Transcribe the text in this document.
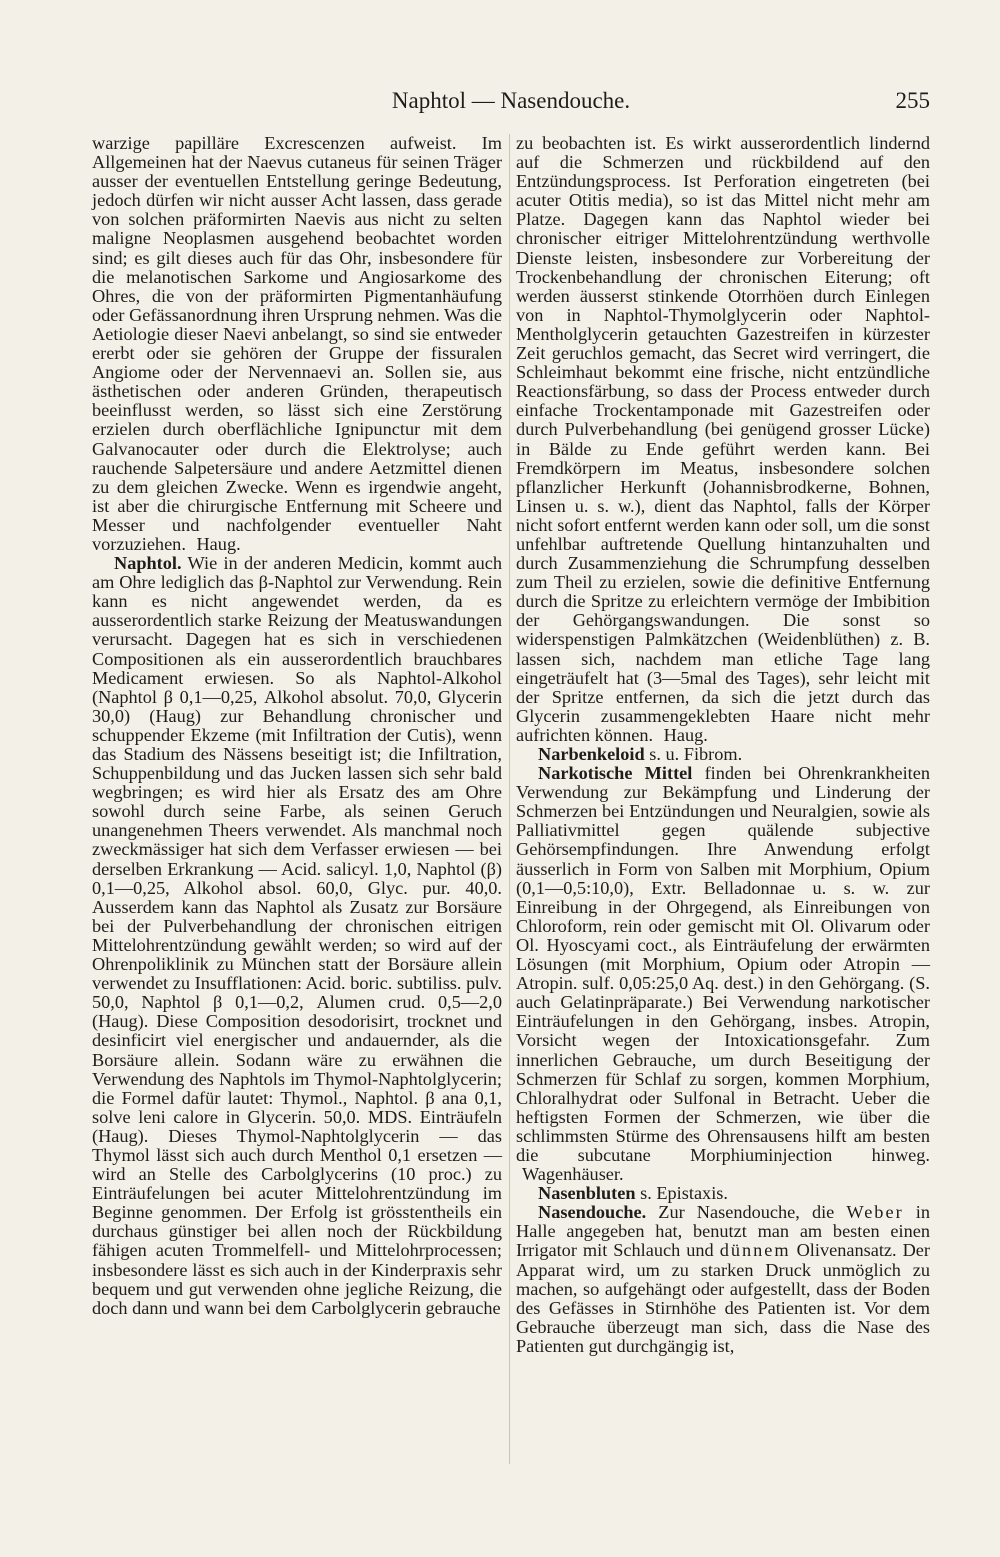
Naphtol — Nasendouche.	255

warzige papilläre Excrescenzen aufweist. Im Allgemeinen hat der Naevus cutaneus für seinen Träger ausser der eventuellen Entstellung geringe Bedeutung, jedoch dürfen wir nicht ausser Acht lassen, dass gerade von solchen präformirten Naevis aus nicht zu selten maligne Neoplasmen ausgehend beobachtet worden sind; es gilt dieses auch für das Ohr, insbesondere für die melanotischen Sarkome und Angiosarkome des Ohres, die von der präformirten Pigmentanhäufung oder Gefässanordnung ihren Ursprung nehmen. Was die Aetiologie dieser Naevi anbelangt, so sind sie entweder ererbt oder sie gehören der Gruppe der fissuralen Angiome oder der Nervennaevi an. Sollen sie, aus ästhetischen oder anderen Gründen, therapeutisch beeinflusst werden, so lässt sich eine Zerstörung erzielen durch oberflächliche Ignipunctur mit dem Galvanocauter oder durch die Elektrolyse; auch rauchende Salpetersäure und andere Aetzmittel dienen zu dem gleichen Zwecke. Wenn es irgendwie angeht, ist aber die chirurgische Entfernung mit Scheere und Messer und nachfolgender eventueller Naht vorzuziehen. Haug.

Naphtol. Wie in der anderen Medicin, kommt auch am Ohre lediglich das β-Naphtol zur Verwendung. Rein kann es nicht angewendet werden, da es ausserordentlich starke Reizung der Meatuswandungen verursacht. Dagegen hat es sich in verschiedenen Compositionen als ein ausserordentlich brauchbares Medicament erwiesen. So als Naphtol-Alkohol (Naphtol β 0,1—0,25, Alkohol absolut. 70,0, Glycerin 30,0) (Haug) zur Behandlung chronischer und schuppender Ekzeme (mit Infiltration der Cutis), wenn das Stadium des Nässens beseitigt ist; die Infiltration, Schuppenbildung und das Jucken lassen sich sehr bald wegbringen; es wird hier als Ersatz des am Ohre sowohl durch seine Farbe, als seinen Geruch unangenehmen Theers verwendet. Als manchmal noch zweckmässiger hat sich dem Verfasser erwiesen — bei derselben Erkrankung — Acid. salicyl. 1,0, Naphtol (β) 0,1—0,25, Alkohol absol. 60,0, Glyc. pur. 40,0. Ausserdem kann das Naphtol als Zusatz zur Borsäure bei der Pulverbehandlung der chronischen eitrigen Mittelohrentzündung gewählt werden; so wird auf der Ohrenpoliklinik zu München statt der Borsäure allein verwendet zu Insufflationen: Acid. boric. subtiliss. pulv. 50,0, Naphtol β 0,1—0,2, Alumen crud. 0,5—2,0 (Haug). Diese Composition desodorisirt, trocknet und desinficirt viel energischer und andauernder, als die Borsäure allein. Sodann wäre zu erwähnen die Verwendung des Naphtols im Thymol-Naphtolglycerin; die Formel dafür lautet: Thymol., Naphtol. β ana 0,1, solve leni calore in Glycerin. 50,0. MDS. Einträufeln (Haug). Dieses Thymol-Naphtolglycerin — das Thymol lässt sich auch durch Menthol 0,1 ersetzen — wird an Stelle des Carbolglycerins (10 proc.) zu Einträufelungen bei acuter Mittelohrentzündung im Beginne genommen. Der Erfolg ist grösstentheils ein durchaus günstiger bei allen noch der Rückbildung fähigen acuten Trommelfell- und Mittelohrprocessen; insbesondere lässt es sich auch in der Kinderpraxis sehr bequem und gut verwenden ohne jegliche Reizung, die doch dann und wann bei dem Carbolglycerin gebrauche

zu beobachten ist. Es wirkt ausserordentlich lindernd auf die Schmerzen und rückbildend auf den Entzündungsprocess. Ist Perforation eingetreten (bei acuter Otitis media), so ist das Mittel nicht mehr am Platze. Dagegen kann das Naphtol wieder bei chronischer eitriger Mittelohrentzündung werthvolle Dienste leisten, insbesondere zur Vorbereitung der Trockenbehandlung der chronischen Eiterung; oft werden äusserst stinkende Otorrhöen durch Einlegen von in Naphtol-Thymolglycerin oder Naphtol-Mentholglycerin getauchten Gazestreifen in kürzester Zeit geruchlos gemacht, das Secret wird verringert, die Schleimhaut bekommt eine frische, nicht entzündliche Reactionsfärbung, so dass der Process entweder durch einfache Trockentamponade mit Gazestreifen oder durch Pulverbehandlung (bei genügend grosser Lücke) in Bälde zu Ende geführt werden kann. Bei Fremdkörpern im Meatus, insbesondere solchen pflanzlicher Herkunft (Johannisbrodkerne, Bohnen, Linsen u. s. w.), dient das Naphtol, falls der Körper nicht sofort entfernt werden kann oder soll, um die sonst unfehlbar auftretende Quellung hintanzuhalten und durch Zusammenziehung die Schrumpfung desselben zum Theil zu erzielen, sowie die definitive Entfernung durch die Spritze zu erleichtern vermöge der Imbibition der Gehörgangswandungen. Die sonst so widerspenstigen Palmkätzchen (Weidenblüthen) z. B. lassen sich, nachdem man etliche Tage lang eingeträufelt hat (3—5mal des Tages), sehr leicht mit der Spritze entfernen, da sich die jetzt durch das Glycerin zusammengeklebten Haare nicht mehr aufrichten können. Haug.

Narbenkeloid s. u. Fibrom.

Narkotische Mittel finden bei Ohrenkrankheiten Verwendung zur Bekämpfung und Linderung der Schmerzen bei Entzündungen und Neuralgien, sowie als Palliativmittel gegen quälende subjective Gehörsempfindungen. Ihre Anwendung erfolgt äusserlich in Form von Salben mit Morphium, Opium (0,1—0,5:10,0), Extr. Belladonnae u. s. w. zur Einreibung in der Ohrgegend, als Einreibungen von Chloroform, rein oder gemischt mit Ol. Olivarum oder Ol. Hyoscyami coct., als Einträufelung der erwärmten Lösungen (mit Morphium, Opium oder Atropin — Atropin. sulf. 0,05:25,0 Aq. dest.) in den Gehörgang. (S. auch Gelatinpräparate.) Bei Verwendung narkotischer Einträufelungen in den Gehörgang, insbes. Atropin, Vorsicht wegen der Intoxicationsgefahr. Zum innerlichen Gebrauche, um durch Beseitigung der Schmerzen für Schlaf zu sorgen, kommen Morphium, Chloralhydrat oder Sulfonal in Betracht. Ueber die heftigsten Formen der Schmerzen, wie über die schlimmsten Stürme des Ohrensausens hilft am besten die subcutane Morphiuminjection hinweg. Wagenhäuser.

Nasenbluten s. Epistaxis.

Nasendouche. Zur Nasendouche, die Weber in Halle angegeben hat, benutzt man am besten einen Irrigator mit Schlauch und dünnem Olivenansatz. Der Apparat wird, um zu starken Druck unmöglich zu machen, so aufgehängt oder aufgestellt, dass der Boden des Gefässes in Stirnhöhe des Patienten ist. Vor dem Gebrauche überzeugt man sich, dass die Nase des Patienten gut durchgängig ist,
